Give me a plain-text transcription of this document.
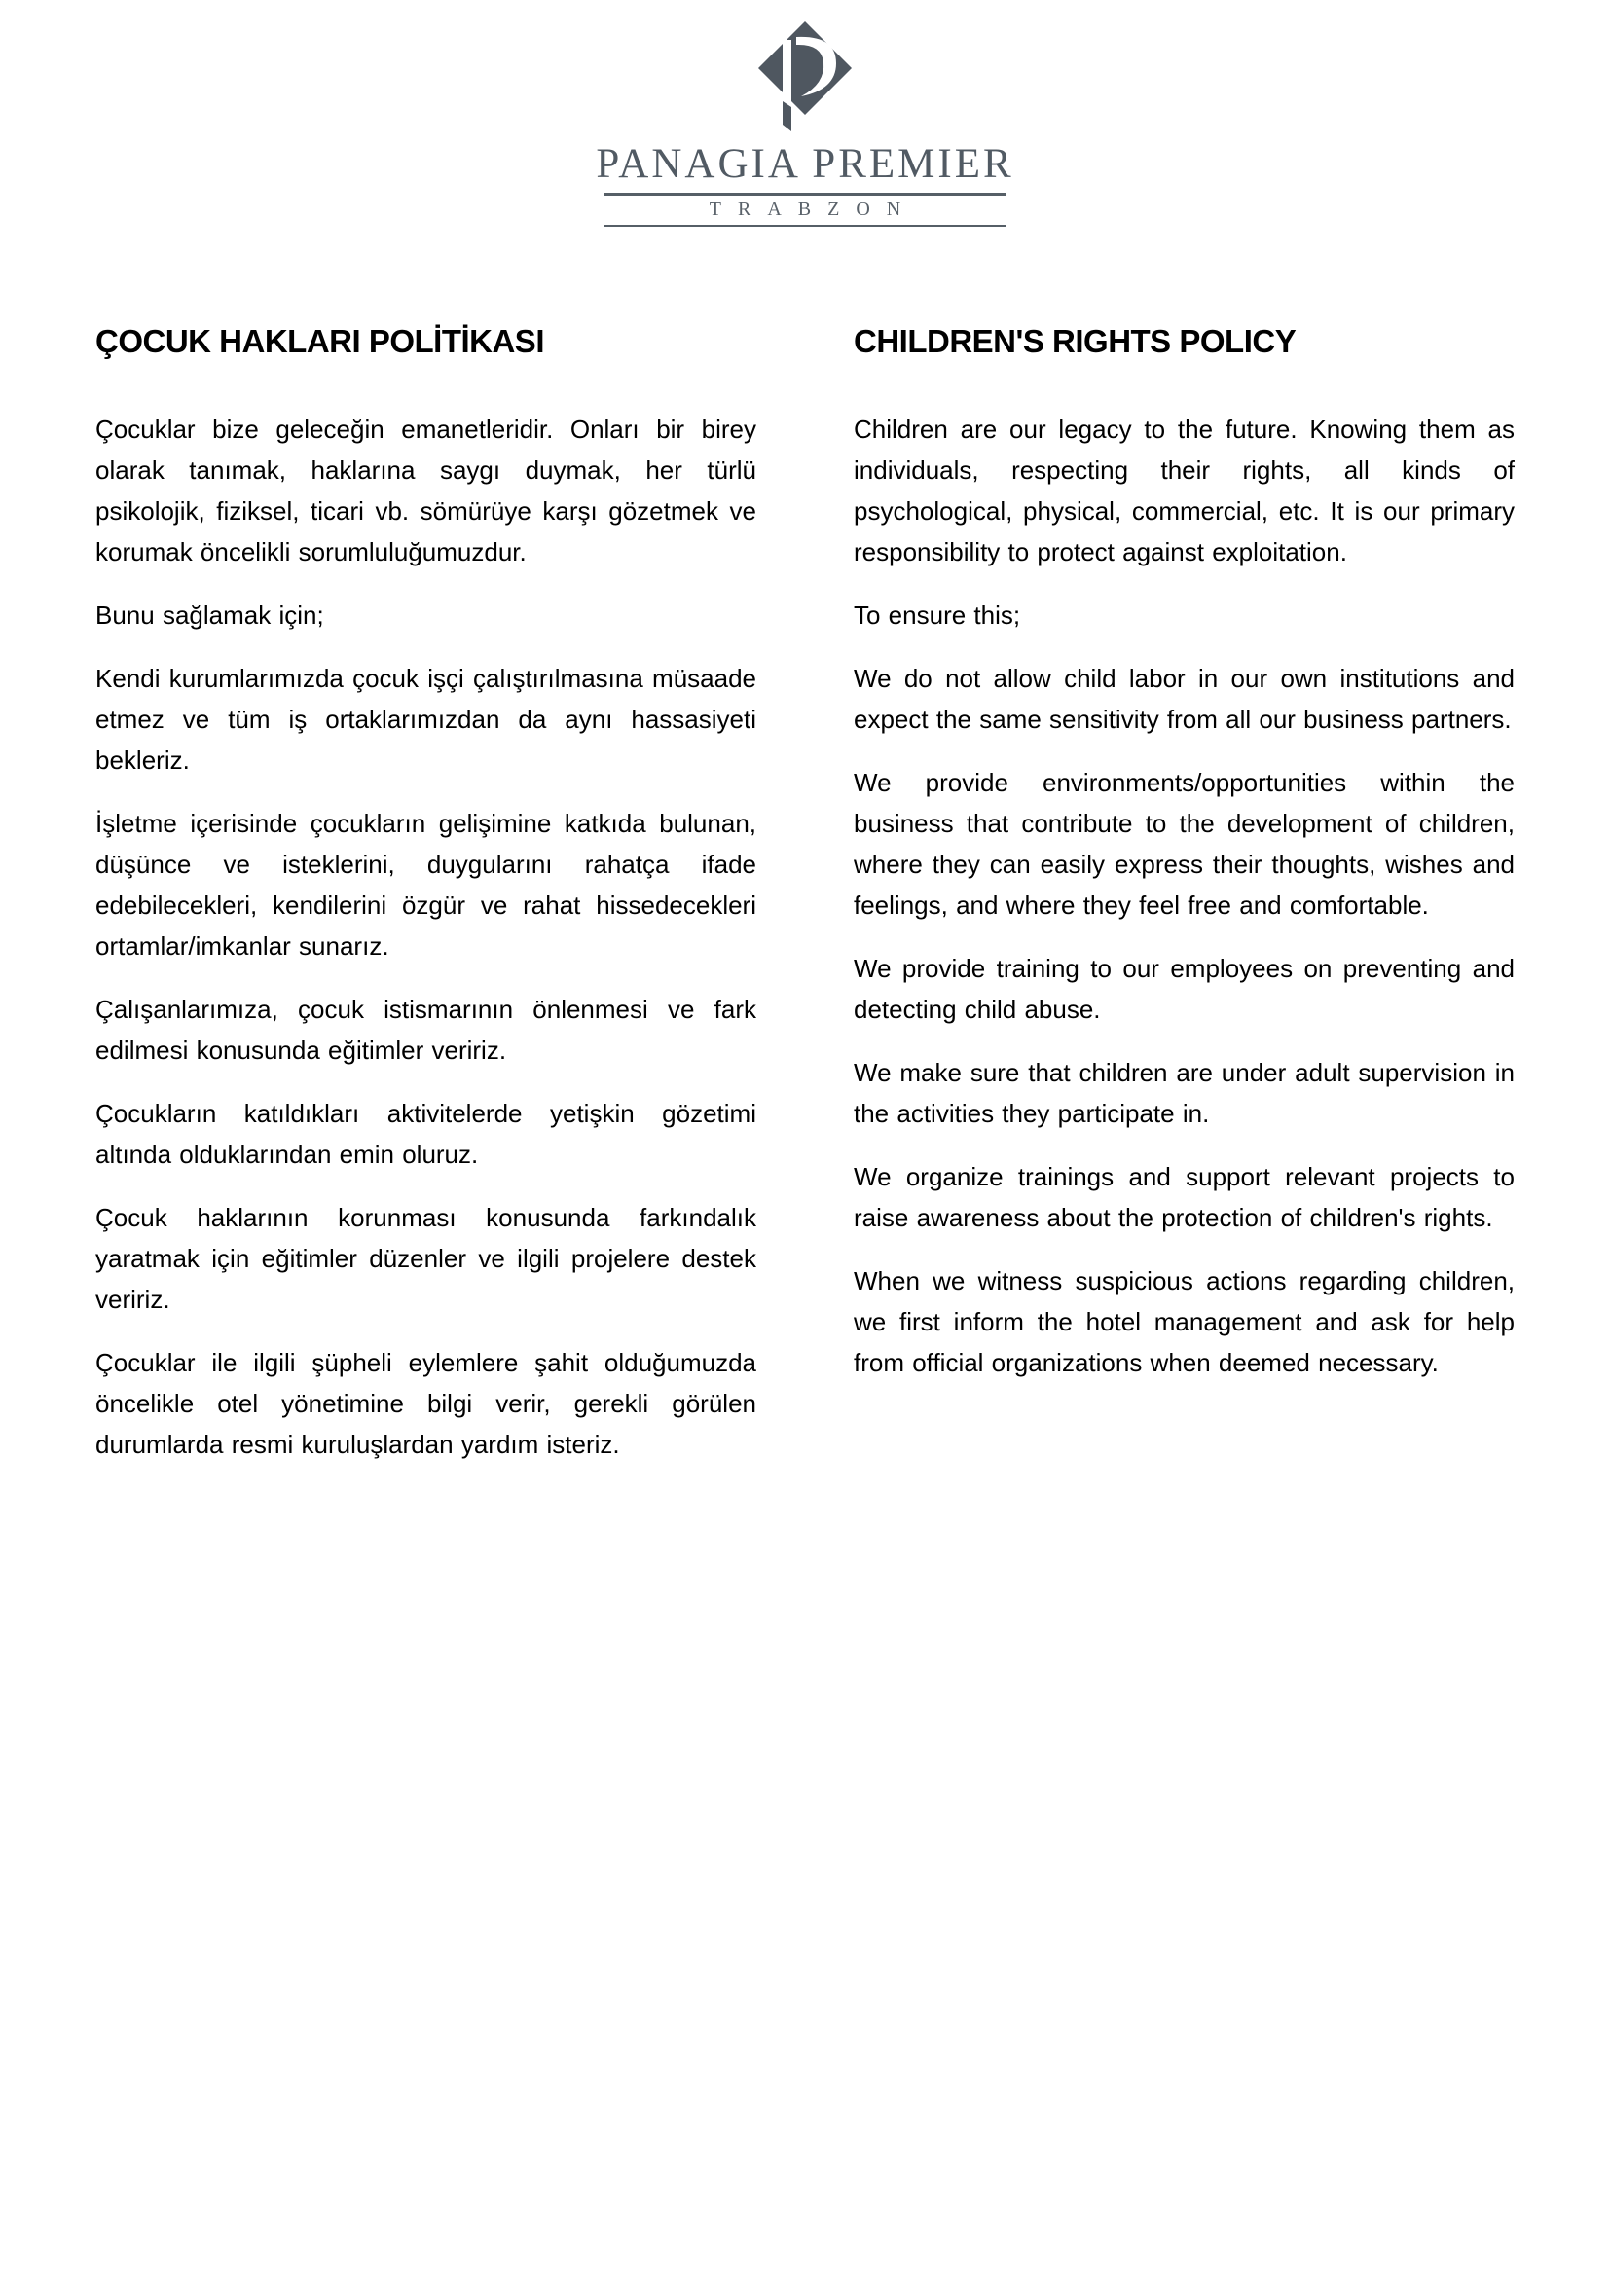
PANAGIA PREMIER
TRABZON
ÇOCUK HAKLARI POLİTİKASI

Çocuklar bize geleceğin emanetleridir. Onları bir birey olarak tanımak, haklarına saygı duymak, her türlü psikolojik, fiziksel, ticari vb. sömürüye karşı gözetmek ve korumak öncelikli sorumluluğumuzdur.

Bunu sağlamak için;

Kendi kurumlarımızda çocuk işçi çalıştırılmasına müsaade etmez ve tüm iş ortaklarımızdan da aynı hassasiyeti bekleriz.

İşletme içerisinde çocukların gelişimine katkıda bulunan, düşünce ve isteklerini, duygularını rahatça ifade edebilecekleri, kendilerini özgür ve rahat hissedecekleri ortamlar/imkanlar sunarız.

Çalışanlarımıza, çocuk istismarının önlenmesi ve fark edilmesi konusunda eğitimler veririz.

Çocukların katıldıkları aktivitelerde yetişkin gözetimi altında olduklarından emin oluruz.

Çocuk haklarının korunması konusunda farkındalık yaratmak için eğitimler düzenler ve ilgili projelere destek veririz.

Çocuklar ile ilgili şüpheli eylemlere şahit olduğumuzda öncelikle otel yönetimine bilgi verir, gerekli görülen durumlarda resmi kuruluşlardan yardım isteriz.

CHILDREN'S RIGHTS POLICY

Children are our legacy to the future. Knowing them as individuals, respecting their rights, all kinds of psychological, physical, commercial, etc. It is our primary responsibility to protect against exploitation.

To ensure this;

We do not allow child labor in our own institutions and expect the same sensitivity from all our business partners.

We provide environments/opportunities within the business that contribute to the development of children, where they can easily express their thoughts, wishes and feelings, and where they feel free and comfortable.

We provide training to our employees on preventing and detecting child abuse.

We make sure that children are under adult supervision in the activities they participate in.

We organize trainings and support relevant projects to raise awareness about the protection of children's rights.

When we witness suspicious actions regarding children, we first inform the hotel management and ask for help from official organizations when deemed necessary.
